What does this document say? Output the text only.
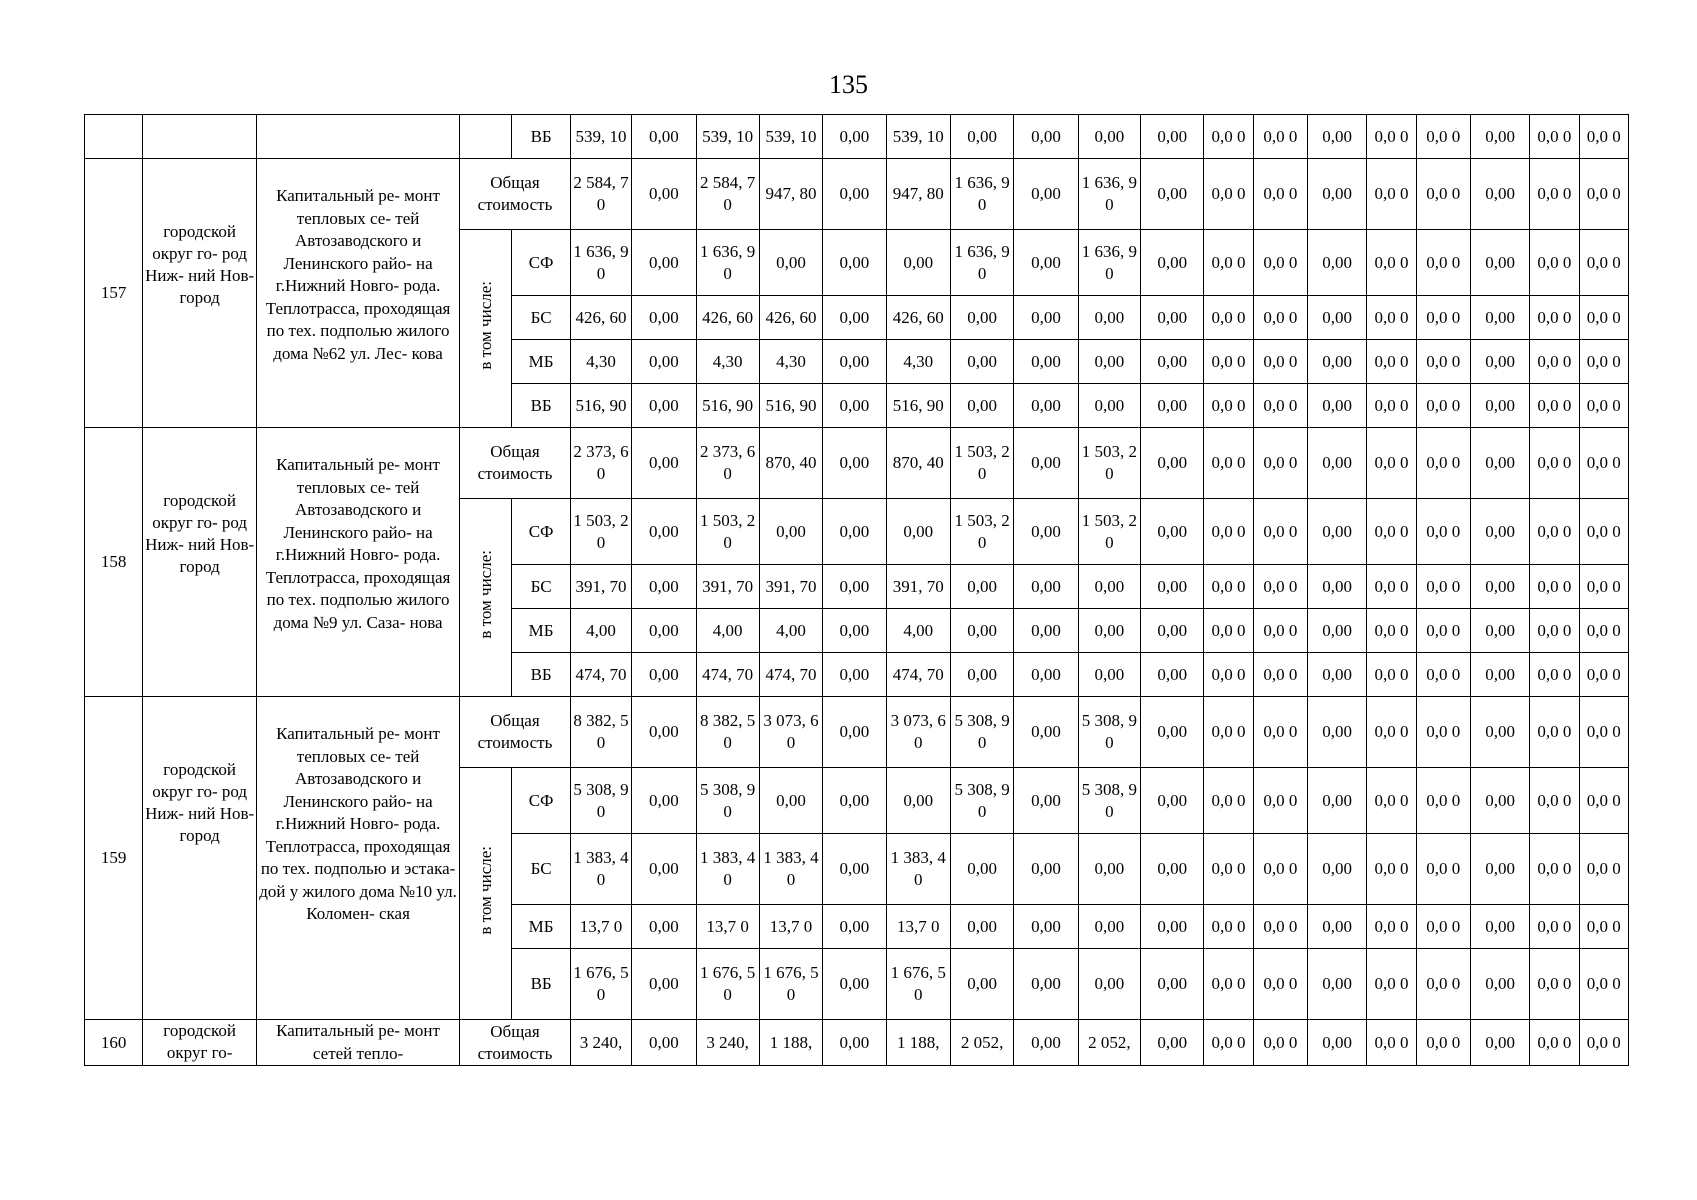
135
				ВБ	539, 10	0,00	539, 10	539, 10	0,00	539, 10	0,00	0,00	0,00	0,00	0,0 0	0,0 0	0,00	0,0 0	0,0 0	0,00	0,0 0	0,0 0
157	городской округ го- род Ниж- ний Нов- город	Капитальный ре- монт тепловых се- тей Автозаводского и Ленинского райо- на г.Нижний Новго- рода. Теплотрасса, проходящая по тех. подполью жилого дома №62 ул. Лес- кова	Общая стоимость		2 584, 70	0,00	2 584, 70	947, 80	0,00	947, 80	1 636, 90	0,00	1 636, 90	0,00	0,0 0	0,0 0	0,00	0,0 0	0,0 0	0,00	0,0 0	0,0 0
			в том числе:	СФ	1 636, 90	0,00	1 636, 90	0,00	0,00	0,00	1 636, 90	0,00	1 636, 90	0,00	0,0 0	0,0 0	0,00	0,0 0	0,0 0	0,00	0,0 0	0,0 0
				БС	426, 60	0,00	426, 60	426, 60	0,00	426, 60	0,00	0,00	0,00	0,00	0,0 0	0,0 0	0,00	0,0 0	0,0 0	0,00	0,0 0	0,0 0
				МБ	4,30	0,00	4,30	4,30	0,00	4,30	0,00	0,00	0,00	0,00	0,0 0	0,0 0	0,00	0,0 0	0,0 0	0,00	0,0 0	0,0 0
				ВБ	516, 90	0,00	516, 90	516, 90	0,00	516, 90	0,00	0,00	0,00	0,00	0,0 0	0,0 0	0,00	0,0 0	0,0 0	0,00	0,0 0	0,0 0
158	городской округ го- род Ниж- ний Нов- город	Капитальный ре- монт тепловых се- тей Автозаводского и Ленинского райо- на г.Нижний Новго- рода. Теплотрасса, проходящая по тех. подполью жилого дома №9 ул. Саза- нова	Общая стоимость		2 373, 60	0,00	2 373, 60	870, 40	0,00	870, 40	1 503, 20	0,00	1 503, 20	0,00	0,0 0	0,0 0	0,00	0,0 0	0,0 0	0,00	0,0 0	0,0 0
			в том числе:	СФ	1 503, 20	0,00	1 503, 20	0,00	0,00	0,00	1 503, 20	0,00	1 503, 20	0,00	0,0 0	0,0 0	0,00	0,0 0	0,0 0	0,00	0,0 0	0,0 0
				БС	391, 70	0,00	391, 70	391, 70	0,00	391, 70	0,00	0,00	0,00	0,00	0,0 0	0,0 0	0,00	0,0 0	0,0 0	0,00	0,0 0	0,0 0
				МБ	4,00	0,00	4,00	4,00	0,00	4,00	0,00	0,00	0,00	0,00	0,0 0	0,0 0	0,00	0,0 0	0,0 0	0,00	0,0 0	0,0 0
				ВБ	474, 70	0,00	474, 70	474, 70	0,00	474, 70	0,00	0,00	0,00	0,00	0,0 0	0,0 0	0,00	0,0 0	0,0 0	0,00	0,0 0	0,0 0
159	городской округ го- род Ниж- ний Нов- город	Капитальный ре- монт тепловых се- тей Автозаводского и Ленинского райо- на г.Нижний Новго- рода. Теплотрасса, проходящая по тех. подполью и эстака- дой у жилого дома №10 ул. Коломен- ская	Общая стоимость		8 382, 50	0,00	8 382, 50	3 073, 60	0,00	3 073, 60	5 308, 90	0,00	5 308, 90	0,00	0,0 0	0,0 0	0,00	0,0 0	0,0 0	0,00	0,0 0	0,0 0
			в том числе:	СФ	5 308, 90	0,00	5 308, 90	0,00	0,00	0,00	5 308, 90	0,00	5 308, 90	0,00	0,0 0	0,0 0	0,00	0,0 0	0,0 0	0,00	0,0 0	0,0 0
				БС	1 383, 40	0,00	1 383, 40	1 383, 40	0,00	1 383, 40	0,00	0,00	0,00	0,00	0,0 0	0,0 0	0,00	0,0 0	0,0 0	0,00	0,0 0	0,0 0
				МБ	13,7 0	0,00	13,7 0	13,7 0	0,00	13,7 0	0,00	0,00	0,00	0,00	0,0 0	0,0 0	0,00	0,0 0	0,0 0	0,00	0,0 0	0,0 0
				ВБ	1 676, 50	0,00	1 676, 50	1 676, 50	0,00	1 676, 50	0,00	0,00	0,00	0,00	0,0 0	0,0 0	0,00	0,0 0	0,0 0	0,00	0,0 0	0,0 0
160	городской округ го-	Капитальный ре- монт сетей тепло-	Общая стоимость		3 240,	0,00	3 240,	1 188,	0,00	1 188,	2 052,	0,00	2 052,	0,00	0,0 0	0,0 0	0,00	0,0 0	0,0 0	0,00	0,0 0	0,0 0
